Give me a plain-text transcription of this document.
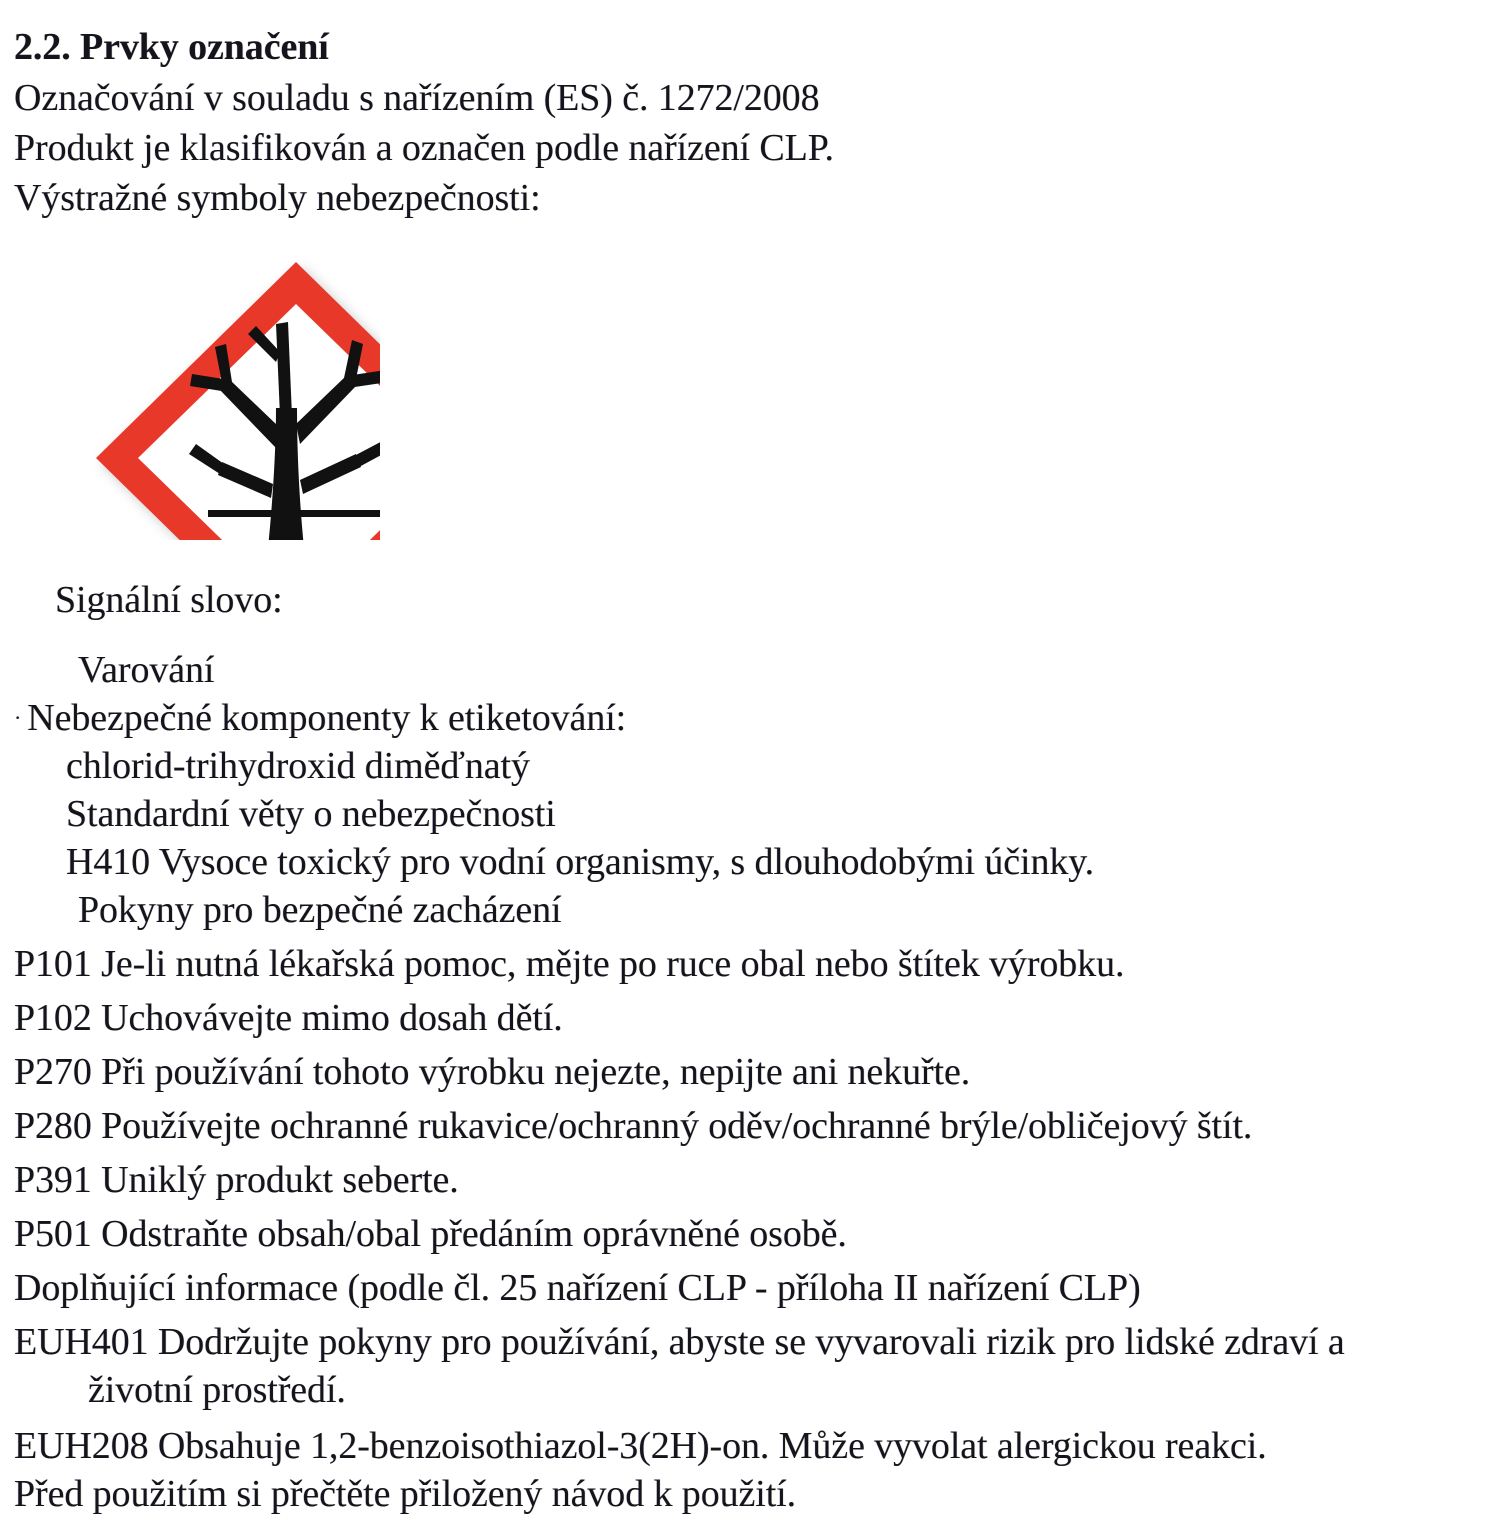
2.2. Prvky označení
Označování v souladu s nařízením (ES) č. 1272/2008
Produkt je klasifikován a označen podle nařízení CLP.
Výstražné symboly nebezpečnosti:
Signální slovo:
Varování
· Nebezpečné komponenty k etiketování:
chlorid-trihydroxid diměďnatý
Standardní věty o nebezpečnosti
H410 Vysoce toxický pro vodní organismy, s dlouhodobými účinky.
Pokyny pro bezpečné zacházení
P101 Je-li nutná lékařská pomoc, mějte po ruce obal nebo štítek výrobku.
P102 Uchovávejte mimo dosah dětí.
P270 Při používání tohoto výrobku nejezte, nepijte ani nekuřte.
P280 Používejte ochranné rukavice/ochranný oděv/ochranné brýle/obličejový štít.
P391 Uniklý produkt seberte.
P501 Odstraňte obsah/obal předáním oprávněné osobě.
Doplňující informace (podle čl. 25 nařízení CLP - příloha II nařízení CLP)
EUH401 Dodržujte pokyny pro používání, abyste se vyvarovali rizik pro lidské zdraví a
životní prostředí.
EUH208 Obsahuje 1,2-benzoisothiazol-3(2H)-on. Může vyvolat alergickou reakci.
Před použitím si přečtěte přiložený návod k použití.
